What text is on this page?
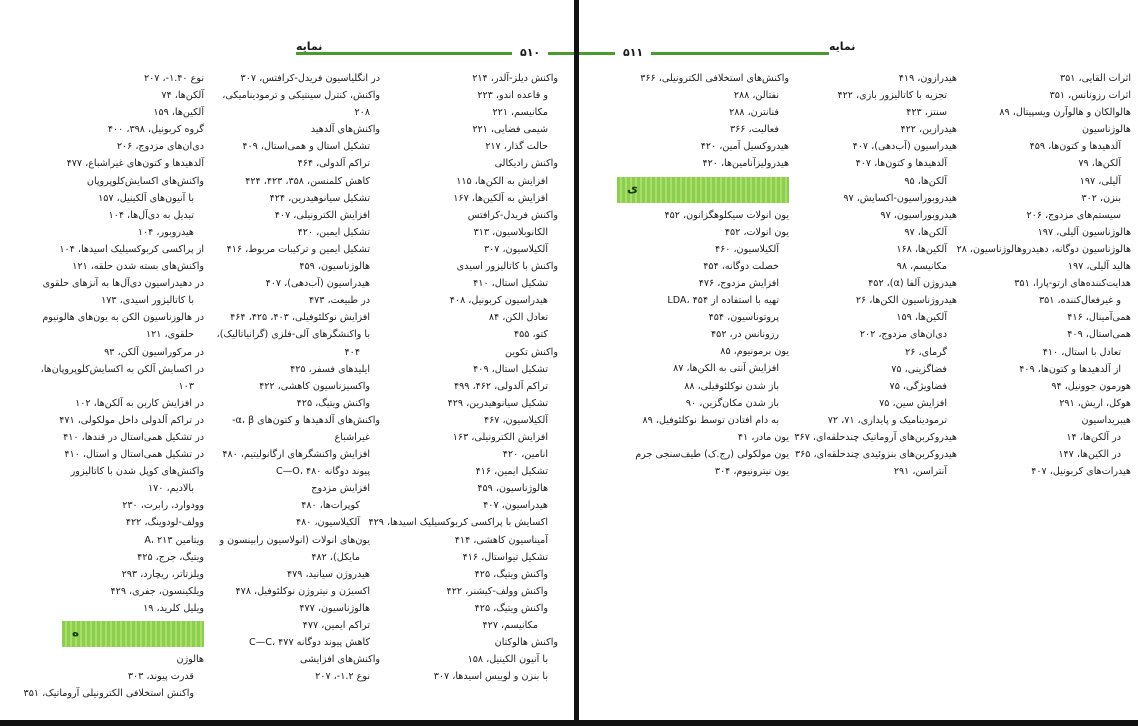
نمایه	۵۱۰
نوع ۱.۴۰-، ۲۰۷
آلکن‌ها، ۷۴
آلکین‌ها، ۱۵۹
گروه کربونیل، ۳۹۸، ۴۰۰
دی‌ان‌های مزدوج، ۲۰۶
آلدهیدها و کتون‌های غیراشباع، ۴۷۷
واکنش‌های اکسایش‌کلوپروپان
با آنیون‌های آلکینیل، ۱۵۷
تبدیل به دی‌آل‌ها، ۱۰۴
هیدروبور، ۱۰۴
از پراکسی کربوکسیلیک اسیدها، ۱۰۴
واکنش‌های بسته شدن حلقه، ۱۲۱
در دهیدراسیون دی‌آل‌ها به آنزهای حلقوی
با کاتالیزور اسیدی، ۱۷۳
در هالوزناسیون الکن به یون‌های هالونیوم
حلقوی، ۱۲۱
در مرکوراسیون آلکن، ۹۳
در اکسایش آلکن به اکسایش‌کلوپروپان‌ها،
۱۰۳
در افزایش کاربن به آلکن‌ها، ۱۰۲
در تراکم آلدولی داخل مولکولی، ۴۷۱
در تشکیل همی‌استال در قندها، ۴۱۰
در تشکیل همی‌استال و استال، ۴۱۰
واکنش‌های کوپل شدن با کاتالیزور
بالادیم، ۱۷۰
وودوارد، رابرت، ۲۳۰
وولف-لودوینگ، ۴۲۲
ویتامین A، ۲۱۳
ویتیگ، جرج، ۴۲۵
ویلزتاتر، ریچارد، ۲۹۳
ویلکینسون، جفری، ۴۲۹
ویلیل کلرید، ۱۹
ه
هالوژن
قدرت پیوند، ۳۰۳
واکنش استخلافی الکترونیلی آروماتیک، ۳۵۱
در انگلیاسیون فریدل-کرافتس، ۳۰۷
واکنش، کنترل سینتیکی و ترمودینامیکی،
۲۰۸
واکنش‌های آلدهید
تشکیل استال و همی‌استال، ۴۰۹
تراکم آلدولی، ۴۶۴
کاهش کلمنسن، ۳۵۸، ۴۲۳، ۴۲۴
تشکیل سیانوهیدرین، ۴۲۴
افزایش الکترونیلی، ۴۰۷
تشکیل ایمین، ۴۲۰
تشکیل ایمین و ترکیبات مربوط، ۴۱۶
هالوژناسیون، ۴۵۹
هیدراسیون (آب‌دهی)، ۴۰۷
در طبیعت، ۴۷۳
افزایش نوکلئوفیلی، ۴۰۳، ۴۲۵، ۴۶۴
با واکنشگرهای آلی-فلزی (گرانیاتالیک)،
۴۰۴
ایلیدهای فسفر، ۴۲۵
واکسیزناسیون کاهشی، ۴۲۲
واکنش ویتیگ، ۴۲۵
واکنش‌های آلدهیدها و کتون‌های α، β-
غیراشباع
افزایش واکنشگرهای ارگانولیتیم، ۴۸۰
پیوند دوگانه C—O، ۴۸۰
افزایش مزدوج
کوپرات‌ها، ۴۸۰
آلکیلاسیون، ۴۸۰
یون‌های انولات (انولاسیون رابینسون و
مایکل)، ۴۸۲
هیدروژن سیانید، ۴۷۹
اکسیژن و نیتروژن نوکلئوفیل، ۴۷۸
هالوژناسیون، ۴۷۷
تراکم ایمین، ۴۷۷
کاهش پیوند دوگانه C—C، ۴۷۷
واکنش‌های افزایشی
نوع ۱.۲-، ۲۰۷
واکنش دیلز-آلدر، ۲۱۴
و قاعده اندو، ۲۲۳
مکانیسم، ۲۲۱
شیمی فضایی، ۲۲۱
حالت گذار، ۲۱۷
واکنش رادیکالی
افزایش به الکن‌ها، ۱۱۵
افزایش به آلکین‌ها، ۱۶۷
واکنش فریدل-کرافتس
الکانوبلاسیون، ۳۱۳
آلکیلاسیون، ۳۰۷
واکنش با کاتالیزور اسیدی
تشکیل استال، ۴۱۰
هیدراسیون کربونیل، ۴۰۸
تعادل الکن، ۸۴
کتو، ۴۵۵
واکنش تکوین
تشکیل استال، ۴۰۹
تراکم آلدولی، ۴۶۲، ۴۹۹
تشکیل سیانوهیدرین، ۴۲۹
آلکیلاسیون، ۴۶۷
افزایش الکترونیلی، ۱۶۳
انامین، ۴۲۰
تشکیل ایمین، ۴۱۶
هالوژناسیون، ۴۵۹
هیدراسیون، ۴۰۷
اکسایش با پراکسی کربوکسیلیک اسیدها، ۴۲۹
آمیناسیون کاهشی، ۴۱۴
تشکیل تیواستال، ۴۱۶
واکنش ویتیگ، ۴۲۵
واکنش وولف-کیشنر، ۴۲۲
واکنش ویتیگ، ۴۲۵
مکانیسم، ۴۲۷
واکنش هالوکتان
با آنیون الکینیل، ۱۵۸
با بنزن و لوییس اسیدها، ۳۰۷
نمایه
۵۱۱
واکنش‌های استخلافی الکترونیلی، ۳۶۶
نفتالن، ۲۸۸
فنانترن، ۲۸۸
فعالیت، ۳۶۶
هیدروکسیل آمین، ۴۲۰
هیدرولیزآنامین‌ها، ۴۲۰
ی
یون انولات سیکلوهگزانون، ۴۵۲
یون انولات، ۴۵۲
آلکیلاسیون، ۴۶۰
خصلت دوگانه، ۴۵۴
افزایش مزدوج، ۴۷۶
تهیه با استفاده از LDA، ۴۵۴
پروتوناسیون، ۴۵۴
رزونانس در، ۴۵۲
یون برمونیوم، ۸۵
افزایش آنتی به الکن‌ها، ۸۷
باز شدن نوکلئوفیلی، ۸۸
باز شدن مکان‌گزین، ۹۰
به دام افتادن توسط نوکلئوفیل، ۸۹
یون مادر، ۴۱
یون مولکولی (رج.ک) طیف‌سنجی جرم
یون نیترونیوم، ۳۰۴
هیدرازون، ۴۱۹
تجزیه با کاتالیزور بازی، ۴۲۲
سنتز، ۴۲۳
هیدرازین، ۴۲۲
هیدراسیون (آب‌دهی)، ۴۰۷
آلدهیدها و کتون‌ها، ۴۰۷
آلکن‌ها، ۹۵
هیدروبوراسیون-اکسایش، ۹۷
هیدروبوراسیون، ۹۷
آلکن‌ها، ۹۷
آلکین‌ها، ۱۶۸
مکانیسم، ۹۸
هیدروژن آلفا (α)، ۴۵۲
هیدروژناسیون الکن‌ها، ۲۶
آلکین‌ها، ۱۵۹
دی‌ان‌های مزدوج، ۲۰۲
گرمای، ۲۶
فضاگزینی، ۷۵
فضاویژگی، ۷۵
افزایش سین، ۷۵
ترمودینامیک و پایداری، ۷۱، ۷۲
هیدروکربن‌های آروماتیک چندحلقه‌ای، ۳۶۷
هیدروکربن‌های بنزوئیدی چندحلقه‌ای، ۳۶۵
آنتراسن، ۲۹۱
اثرات القایی، ۳۵۱
اثرات رزونانس، ۳۵۱
هالوالکان و هالوآرن ویسپیتال، ۸۹
هالوژناسیون
آلدهیدها و کتون‌ها، ۴۵۹
آلکن‌ها، ۷۹
آلیلی، ۱۹۷
بنزن، ۳۰۲
سیستم‌های مزدوج، ۲۰۶
هالوژناسیون آلیلی، ۱۹۷
هالوژناسیون دوگانه، دهیدروهالوژناسیون، ۲۸
هالید آلیلی، ۱۹۷
هدایت‌کننده‌های ارتو-پارا، ۳۵۱
و غیرفعال‌کننده، ۳۵۱
همی‌آمینال، ۴۱۶
همی‌استال، ۴۰۹
تعادل با استال، ۴۱۰
از آلدهیدها و کتون‌ها، ۴۰۹
هورمون جوونیل، ۹۴
هوکل، اریش، ۲۹۱
هیبریداسیون
در آلکن‌ها، ۱۴
در الکین‌ها، ۱۴۷
هیدرات‌های کربونیل، ۴۰۷
